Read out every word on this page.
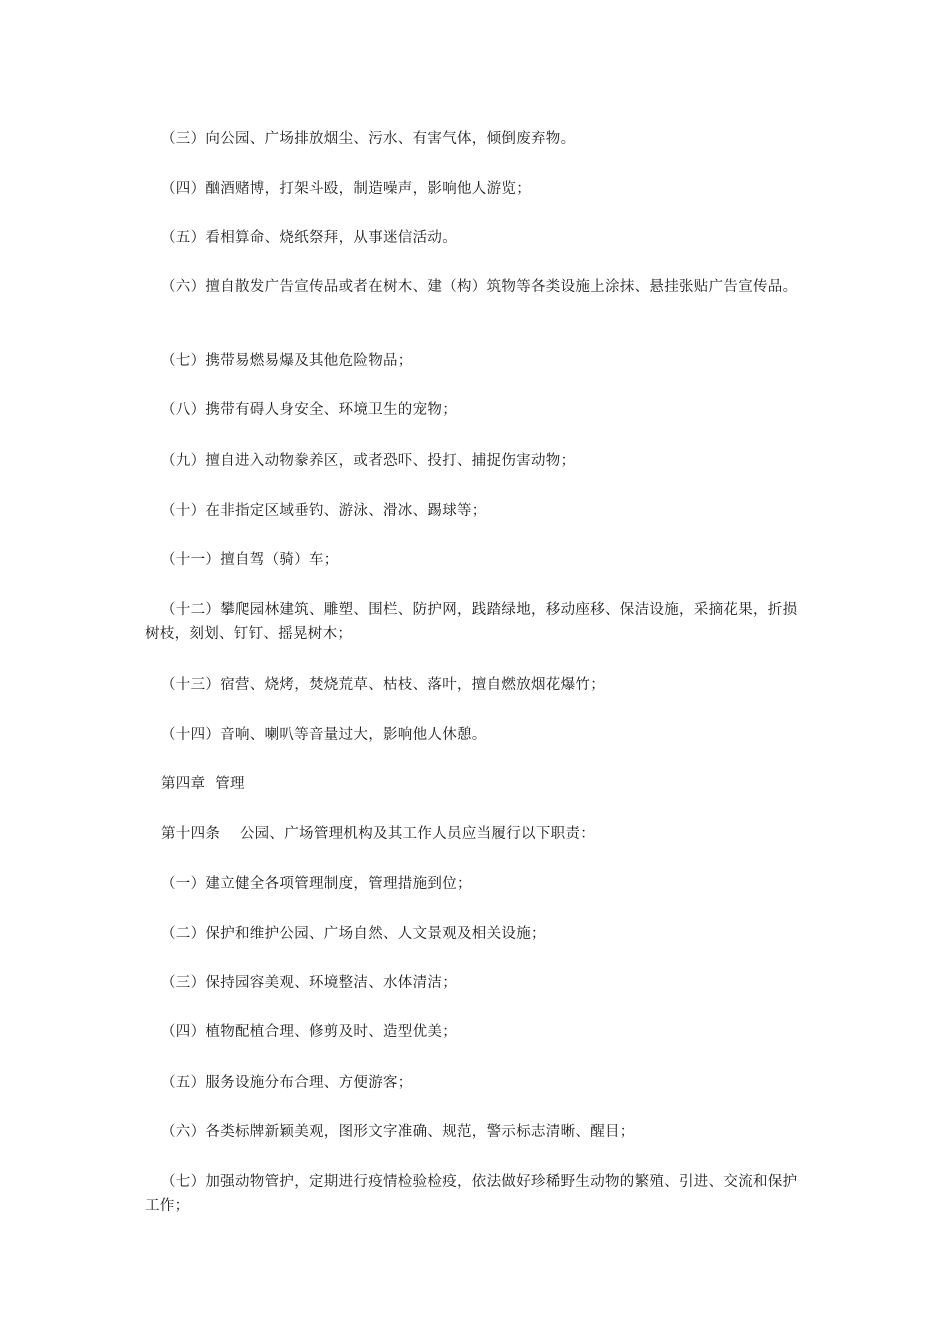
（三）向公园、广场排放烟尘、污水、有害气体，倾倒废弃物。

（四）酗酒赌博，打架斗殴，制造噪声，影响他人游览；

（五）看相算命、烧纸祭拜，从事迷信活动。

（六）擅自散发广告宣传品或者在树木、建（构）筑物等各类设施上涂抹、悬挂张贴广告宣传品。

（七）携带易燃易爆及其他危险物品；

（八）携带有碍人身安全、环境卫生的宠物；

（九）擅自进入动物豢养区，或者恐吓、投打、捕捉伤害动物；

（十）在非指定区域垂钓、游泳、滑冰、踢球等；

（十一）擅自驾（骑）车；

（十二）攀爬园林建筑、雕塑、围栏、防护网，践踏绿地，移动座移、保洁设施，采摘花果，折损树枝，刻划、钉钉、摇晃树木；

（十三）宿营、烧烤，焚烧荒草、枯枝、落叶，擅自燃放烟花爆竹；

（十四）音响、喇叭等音量过大，影响他人休憩。

第四章  管理

第十四条    公园、广场管理机构及其工作人员应当履行以下职责：

（一）建立健全各项管理制度，管理措施到位；

（二）保护和维护公园、广场自然、人文景观及相关设施；

（三）保持园容美观、环境整洁、水体清洁；

（四）植物配植合理、修剪及时、造型优美；

（五）服务设施分布合理、方便游客；

（六）各类标牌新颖美观，图形文字准确、规范，警示标志清晰、醒目；

（七）加强动物管护，定期进行疫情检验检疫，依法做好珍稀野生动物的繁殖、引进、交流和保护工作；
